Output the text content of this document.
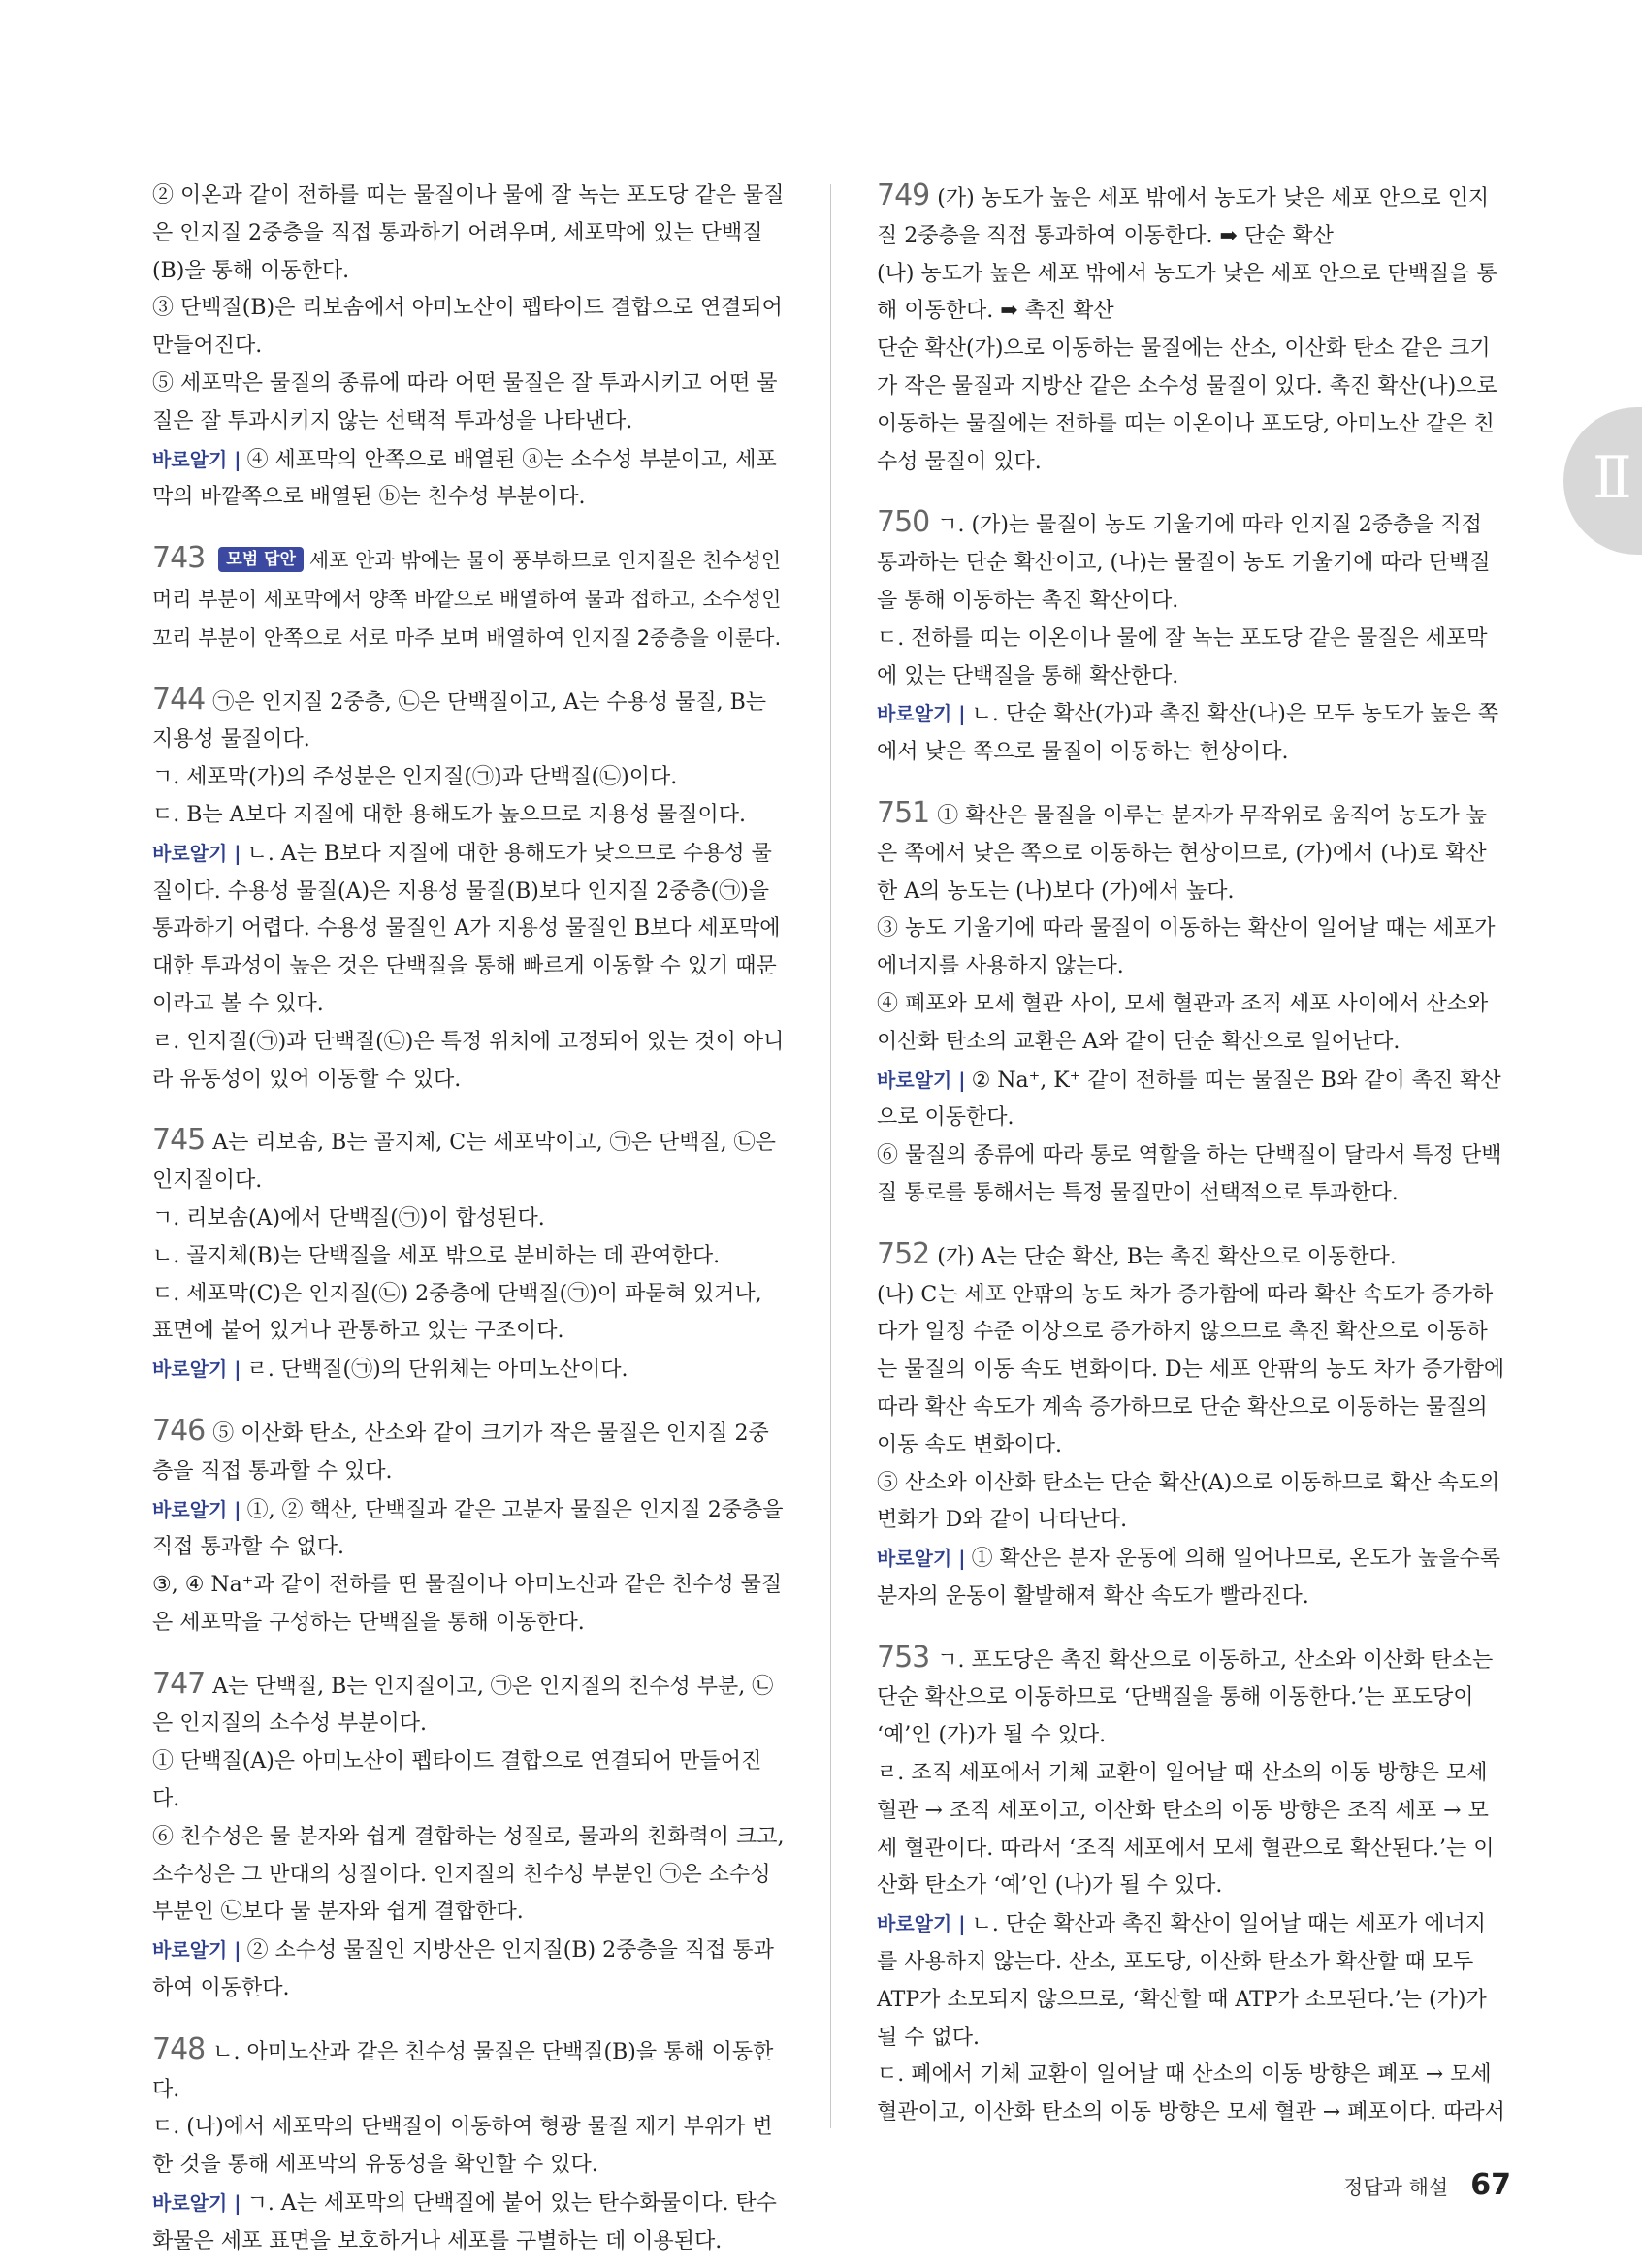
② 이온과 같이 전하를 띠는 물질이나 물에 잘 녹는 포도당 같은 물질은 인지질 2중층을 직접 통과하기 어려우며, 세포막에 있는 단백질(B)을 통해 이동한다.

③ 단백질(B)은 리보솜에서 아미노산이 펩타이드 결합으로 연결되어 만들어진다.

⑤ 세포막은 물질의 종류에 따라 어떤 물질은 잘 투과시키고 어떤 물질은 잘 투과시키지 않는 선택적 투과성을 나타낸다.

바로알기 | ④ 세포막의 안쪽으로 배열된 ⓐ는 소수성 부분이고, 세포막의 바깥쪽으로 배열된 ⓑ는 친수성 부분이다.

743 모범 답안 세포 안과 밖에는 물이 풍부하므로 인지질은 친수성인 머리 부분이 세포막에서 양쪽 바깥으로 배열하여 물과 접하고, 소수성인 꼬리 부분이 안쪽으로 서로 마주 보며 배열하여 인지질 2중층을 이룬다.

744 ㉠은 인지질 2중층, ㉡은 단백질이고, A는 수용성 물질, B는 지용성 물질이다.

ㄱ. 세포막(가)의 주성분은 인지질(㉠)과 단백질(㉡)이다.

ㄷ. B는 A보다 지질에 대한 용해도가 높으므로 지용성 물질이다.

바로알기 | ㄴ. A는 B보다 지질에 대한 용해도가 낮으므로 수용성 물질이다. 수용성 물질(A)은 지용성 물질(B)보다 인지질 2중층(㉠)을 통과하기 어렵다. 수용성 물질인 A가 지용성 물질인 B보다 세포막에 대한 투과성이 높은 것은 단백질을 통해 빠르게 이동할 수 있기 때문이라고 볼 수 있다.

ㄹ. 인지질(㉠)과 단백질(㉡)은 특정 위치에 고정되어 있는 것이 아니라 유동성이 있어 이동할 수 있다.

745 A는 리보솜, B는 골지체, C는 세포막이고, ㉠은 단백질, ㉡은 인지질이다.

ㄱ. 리보솜(A)에서 단백질(㉠)이 합성된다.

ㄴ. 골지체(B)는 단백질을 세포 밖으로 분비하는 데 관여한다.

ㄷ. 세포막(C)은 인지질(㉡) 2중층에 단백질(㉠)이 파묻혀 있거나, 표면에 붙어 있거나 관통하고 있는 구조이다.

바로알기 | ㄹ. 단백질(㉠)의 단위체는 아미노산이다.

746 ⑤ 이산화 탄소, 산소와 같이 크기가 작은 물질은 인지질 2중층을 직접 통과할 수 있다.

바로알기 | ①, ② 핵산, 단백질과 같은 고분자 물질은 인지질 2중층을 직접 통과할 수 없다.

③, ④ Na⁺과 같이 전하를 띤 물질이나 아미노산과 같은 친수성 물질은 세포막을 구성하는 단백질을 통해 이동한다.

747 A는 단백질, B는 인지질이고, ㉠은 인지질의 친수성 부분, ㉡은 인지질의 소수성 부분이다.

① 단백질(A)은 아미노산이 펩타이드 결합으로 연결되어 만들어진다.

⑥ 친수성은 물 분자와 쉽게 결합하는 성질로, 물과의 친화력이 크고, 소수성은 그 반대의 성질이다. 인지질의 친수성 부분인 ㉠은 소수성 부분인 ㉡보다 물 분자와 쉽게 결합한다.

바로알기 | ② 소수성 물질인 지방산은 인지질(B) 2중층을 직접 통과하여 이동한다.

748 ㄴ. 아미노산과 같은 친수성 물질은 단백질(B)을 통해 이동한다.

ㄷ. (나)에서 세포막의 단백질이 이동하여 형광 물질 제거 부위가 변한 것을 통해 세포막의 유동성을 확인할 수 있다.

바로알기 | ㄱ. A는 세포막의 단백질에 붙어 있는 탄수화물이다. 탄수화물은 세포 표면을 보호하거나 세포를 구별하는 데 이용된다.

749 (가) 농도가 높은 세포 밖에서 농도가 낮은 세포 안으로 인지질 2중층을 직접 통과하여 이동한다. ➡ 단순 확산

(나) 농도가 높은 세포 밖에서 농도가 낮은 세포 안으로 단백질을 통해 이동한다. ➡ 촉진 확산

단순 확산(가)으로 이동하는 물질에는 산소, 이산화 탄소 같은 크기가 작은 물질과 지방산 같은 소수성 물질이 있다. 촉진 확산(나)으로 이동하는 물질에는 전하를 띠는 이온이나 포도당, 아미노산 같은 친수성 물질이 있다.

750 ㄱ. (가)는 물질이 농도 기울기에 따라 인지질 2중층을 직접 통과하는 단순 확산이고, (나)는 물질이 농도 기울기에 따라 단백질을 통해 이동하는 촉진 확산이다.

ㄷ. 전하를 띠는 이온이나 물에 잘 녹는 포도당 같은 물질은 세포막에 있는 단백질을 통해 확산한다.

바로알기 | ㄴ. 단순 확산(가)과 촉진 확산(나)은 모두 농도가 높은 쪽에서 낮은 쪽으로 물질이 이동하는 현상이다.

751 ① 확산은 물질을 이루는 분자가 무작위로 움직여 농도가 높은 쪽에서 낮은 쪽으로 이동하는 현상이므로, (가)에서 (나)로 확산한 A의 농도는 (나)보다 (가)에서 높다.

③ 농도 기울기에 따라 물질이 이동하는 확산이 일어날 때는 세포가 에너지를 사용하지 않는다.

④ 폐포와 모세 혈관 사이, 모세 혈관과 조직 세포 사이에서 산소와 이산화 탄소의 교환은 A와 같이 단순 확산으로 일어난다.

바로알기 | ② Na⁺, K⁺ 같이 전하를 띠는 물질은 B와 같이 촉진 확산으로 이동한다.

⑥ 물질의 종류에 따라 통로 역할을 하는 단백질이 달라서 특정 단백질 통로를 통해서는 특정 물질만이 선택적으로 투과한다.

752 (가) A는 단순 확산, B는 촉진 확산으로 이동한다.

(나) C는 세포 안팎의 농도 차가 증가함에 따라 확산 속도가 증가하다가 일정 수준 이상으로 증가하지 않으므로 촉진 확산으로 이동하는 물질의 이동 속도 변화이다. D는 세포 안팎의 농도 차가 증가함에 따라 확산 속도가 계속 증가하므로 단순 확산으로 이동하는 물질의 이동 속도 변화이다.

⑤ 산소와 이산화 탄소는 단순 확산(A)으로 이동하므로 확산 속도의 변화가 D와 같이 나타난다.

바로알기 | ① 확산은 분자 운동에 의해 일어나므로, 온도가 높을수록 분자의 운동이 활발해져 확산 속도가 빨라진다.

753 ㄱ. 포도당은 촉진 확산으로 이동하고, 산소와 이산화 탄소는 단순 확산으로 이동하므로 ‘단백질을 통해 이동한다.’는 포도당이 ‘예’인 (가)가 될 수 있다.

ㄹ. 조직 세포에서 기체 교환이 일어날 때 산소의 이동 방향은 모세 혈관 → 조직 세포이고, 이산화 탄소의 이동 방향은 조직 세포 → 모세 혈관이다. 따라서 ‘조직 세포에서 모세 혈관으로 확산된다.’는 이산화 탄소가 ‘예’인 (나)가 될 수 있다.

바로알기 | ㄴ. 단순 확산과 촉진 확산이 일어날 때는 세포가 에너지를 사용하지 않는다. 산소, 포도당, 이산화 탄소가 확산할 때 모두 ATP가 소모되지 않으므로, ‘확산할 때 ATP가 소모된다.’는 (가)가 될 수 없다.

ㄷ. 폐에서 기체 교환이 일어날 때 산소의 이동 방향은 폐포 → 모세 혈관이고, 이산화 탄소의 이동 방향은 모세 혈관 → 폐포이다. 따라서

Ⅱ
정답과 해설 67
